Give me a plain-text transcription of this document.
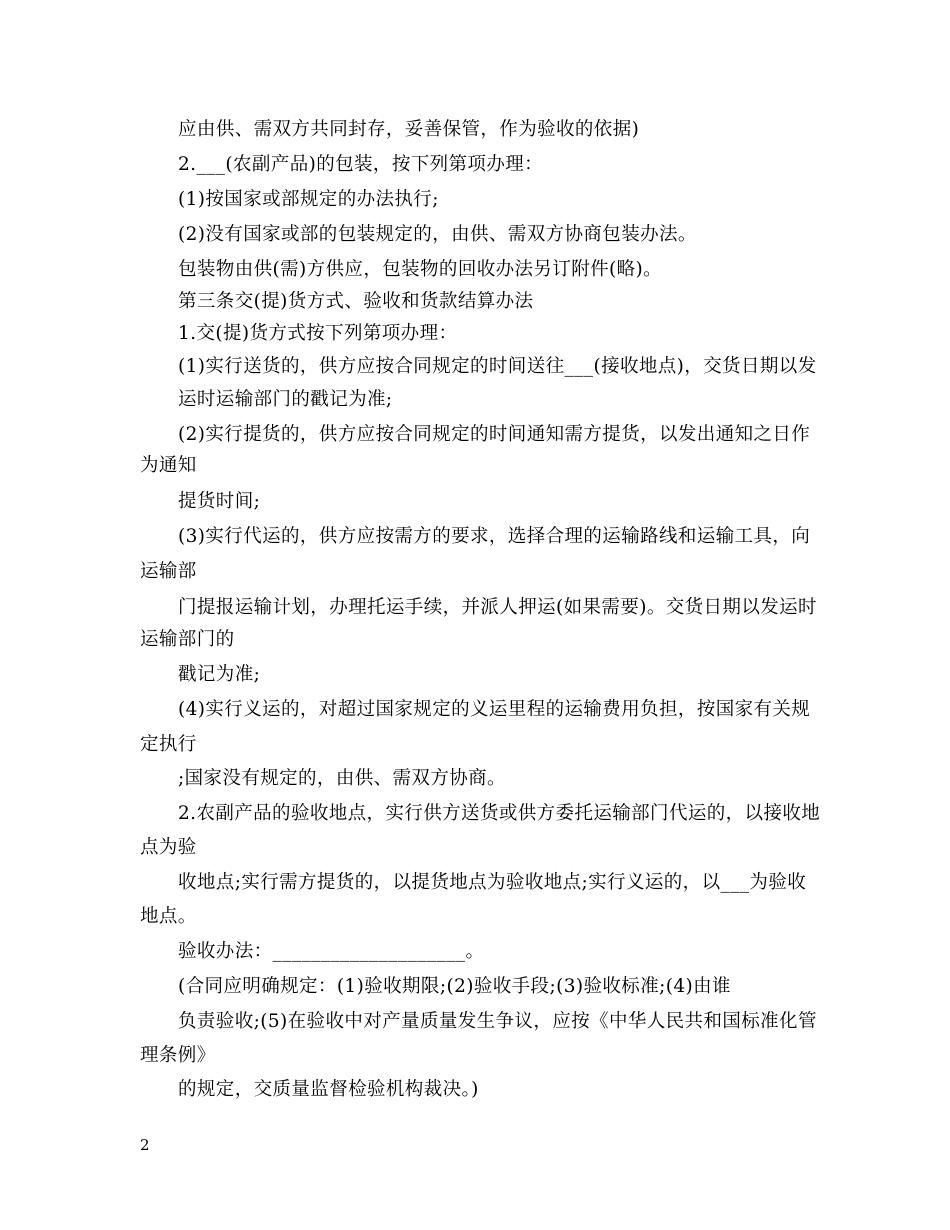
应由供、需双方共同封存，妥善保管，作为验收的依据)
2.___(农副产品)的包装，按下列第项办理：
(1)按国家或部规定的办法执行;
(2)没有国家或部的包装规定的，由供、需双方协商包装办法。
包装物由供(需)方供应，包装物的回收办法另订附件(略)。
第三条交(提)货方式、验收和货款结算办法
1.交(提)货方式按下列第项办理：
(1)实行送货的，供方应按合同规定的时间送往___(接收地点)，交货日期以发
运时运输部门的戳记为准;
(2)实行提货的，供方应按合同规定的时间通知需方提货，以发出通知之日作
为通知
提货时间;
(3)实行代运的，供方应按需方的要求，选择合理的运输路线和运输工具，向
运输部
门提报运输计划，办理托运手续，并派人押运(如果需要)。交货日期以发运时
运输部门的
戳记为准;
(4)实行义运的，对超过国家规定的义运里程的运输费用负担，按国家有关规
定执行
;国家没有规定的，由供、需双方协商。
2.农副产品的验收地点，实行供方送货或供方委托运输部门代运的，以接收地
点为验
收地点;实行需方提货的，以提货地点为验收地点;实行义运的，以___为验收
地点。
验收办法：____________________。
(合同应明确规定：(1)验收期限;(2)验收手段;(3)验收标准;(4)由谁
负责验收;(5)在验收中对产量质量发生争议，应按《中华人民共和国标准化管
理条例》
的规定，交质量监督检验机构裁决。)
2
